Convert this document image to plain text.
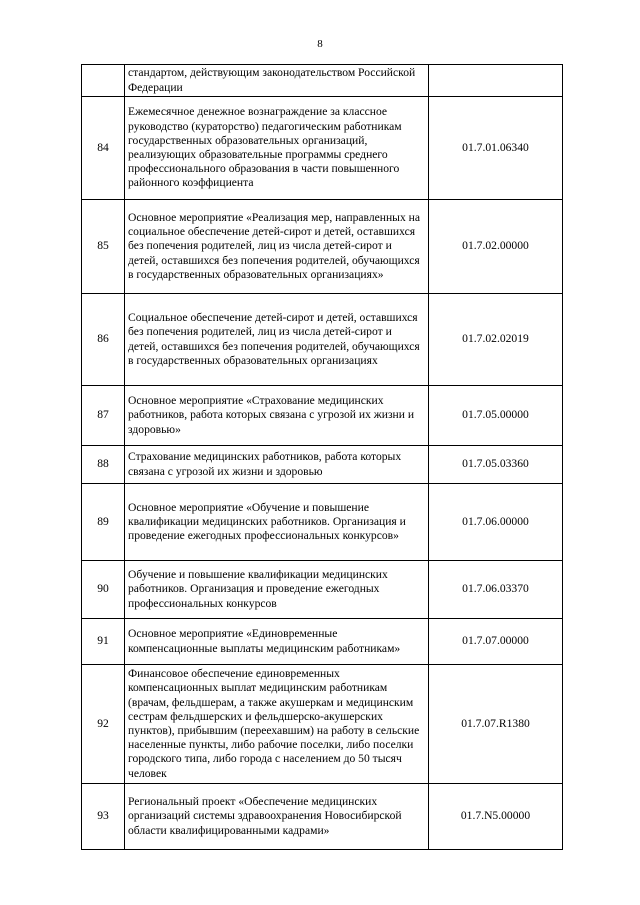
8
	стандартом, действующим законодательством Российской Федерации	
84	Ежемесячное денежное вознаграждение за классное руководство (кураторство) педагогическим работникам государственных образовательных организаций, реализующих образовательные программы среднего профессионального образования в части повышенного районного коэффициента	01.7.01.06340
85	Основное мероприятие «Реализация мер, направленных на социальное обеспечение детей-сирот и детей, оставшихся без попечения родителей, лиц из числа детей-сирот и детей, оставшихся без попечения родителей, обучающихся в государственных образовательных организациях»	01.7.02.00000
86	Социальное обеспечение детей-сирот и детей, оставшихся без попечения родителей, лиц из числа детей-сирот и детей, оставшихся без попечения родителей, обучающихся в государственных образовательных организациях	01.7.02.02019
87	Основное мероприятие «Страхование медицинских работников, работа которых связана с угрозой их жизни и здоровью»	01.7.05.00000
88	Страхование медицинских работников, работа которых связана с угрозой их жизни и здоровью	01.7.05.03360
89	Основное мероприятие «Обучение и повышение квалификации медицинских работников. Организация и проведение ежегодных профессиональных конкурсов»	01.7.06.00000
90	Обучение и повышение квалификации медицинских работников. Организация и проведение ежегодных профессиональных конкурсов	01.7.06.03370
91	Основное мероприятие «Единовременные компенсационные выплаты медицинским работникам»	01.7.07.00000
92	Финансовое обеспечение единовременных компенсационных выплат медицинским работникам (врачам, фельдшерам, а также акушеркам и медицинским сестрам фельдшерских и фельдшерско-акушерских пунктов), прибывшим (переехавшим) на работу в сельские населенные пункты, либо рабочие поселки, либо поселки городского типа, либо города с населением до 50 тысяч человек	01.7.07.R1380
93	Региональный проект «Обеспечение медицинских организаций системы здравоохранения Новосибирской области квалифицированными кадрами»	01.7.N5.00000
